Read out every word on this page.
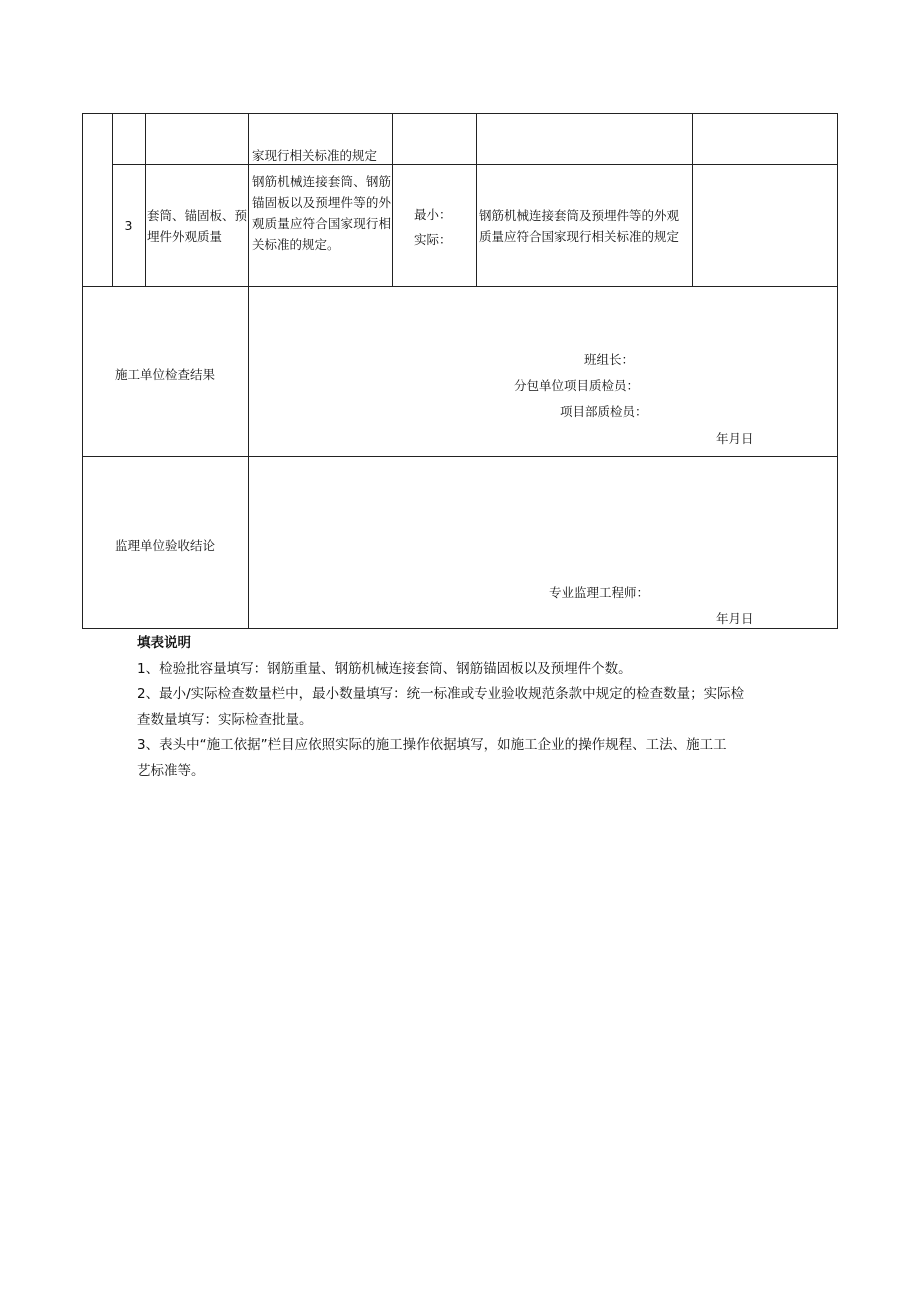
家现行相关标准的规定
3
套筒、锚固板、预埋件外观质量
钢筋机械连接套筒、钢筋锚固板以及预埋件等的外观质量应符合国家现行相关标准的规定。
最小：
实际：
钢筋机械连接套筒及预埋件等的外观质量应符合国家现行相关标准的规定
施工单位检查结果
班组长：
分包单位项目质检员：
项目部质检员：
年月日
监理单位验收结论
专业监理工程师：
年月日

填表说明

1、检验批容量填写：钢筋重量、钢筋机械连接套筒、钢筋锚固板以及预埋件个数。

2、最小/实际检查数量栏中，最小数量填写：统一标准或专业验收规范条款中规定的检查数量；实际检

查数量填写：实际检查批量。

3、表头中“施工依据”栏目应依照实际的施工操作依据填写，如施工企业的操作规程、工法、施工工

艺标准等。
